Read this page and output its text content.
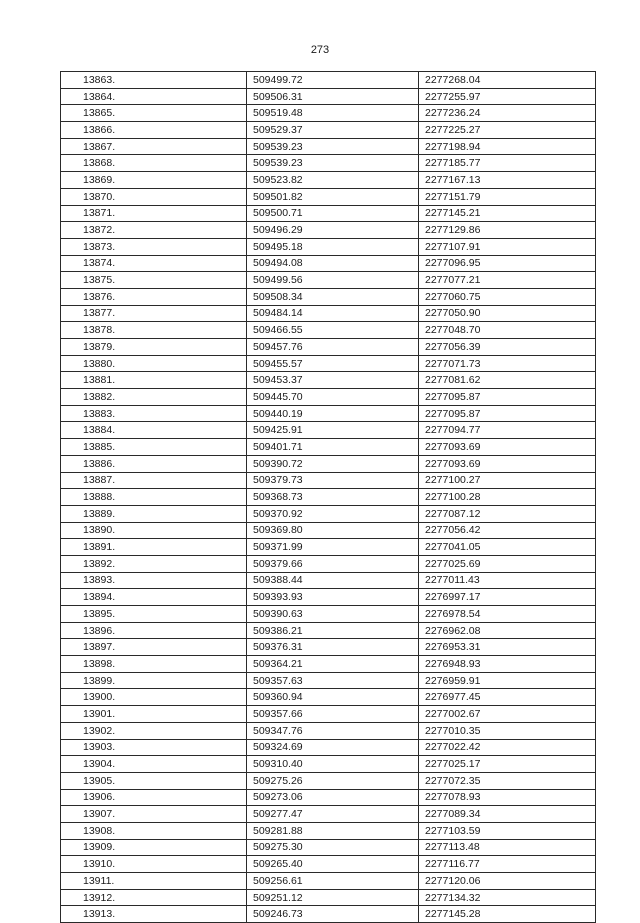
273
13863.	509499.72	2277268.04
13864.	509506.31	2277255.97
13865.	509519.48	2277236.24
13866.	509529.37	2277225.27
13867.	509539.23	2277198.94
13868.	509539.23	2277185.77
13869.	509523.82	2277167.13
13870.	509501.82	2277151.79
13871.	509500.71	2277145.21
13872.	509496.29	2277129.86
13873.	509495.18	2277107.91
13874.	509494.08	2277096.95
13875.	509499.56	2277077.21
13876.	509508.34	2277060.75
13877.	509484.14	2277050.90
13878.	509466.55	2277048.70
13879.	509457.76	2277056.39
13880.	509455.57	2277071.73
13881.	509453.37	2277081.62
13882.	509445.70	2277095.87
13883.	509440.19	2277095.87
13884.	509425.91	2277094.77
13885.	509401.71	2277093.69
13886.	509390.72	2277093.69
13887.	509379.73	2277100.27
13888.	509368.73	2277100.28
13889.	509370.92	2277087.12
13890.	509369.80	2277056.42
13891.	509371.99	2277041.05
13892.	509379.66	2277025.69
13893.	509388.44	2277011.43
13894.	509393.93	2276997.17
13895.	509390.63	2276978.54
13896.	509386.21	2276962.08
13897.	509376.31	2276953.31
13898.	509364.21	2276948.93
13899.	509357.63	2276959.91
13900.	509360.94	2276977.45
13901.	509357.66	2277002.67
13902.	509347.76	2277010.35
13903.	509324.69	2277022.42
13904.	509310.40	2277025.17
13905.	509275.26	2277072.35
13906.	509273.06	2277078.93
13907.	509277.47	2277089.34
13908.	509281.88	2277103.59
13909.	509275.30	2277113.48
13910.	509265.40	2277116.77
13911.	509256.61	2277120.06
13912.	509251.12	2277134.32
13913.	509246.73	2277145.28
